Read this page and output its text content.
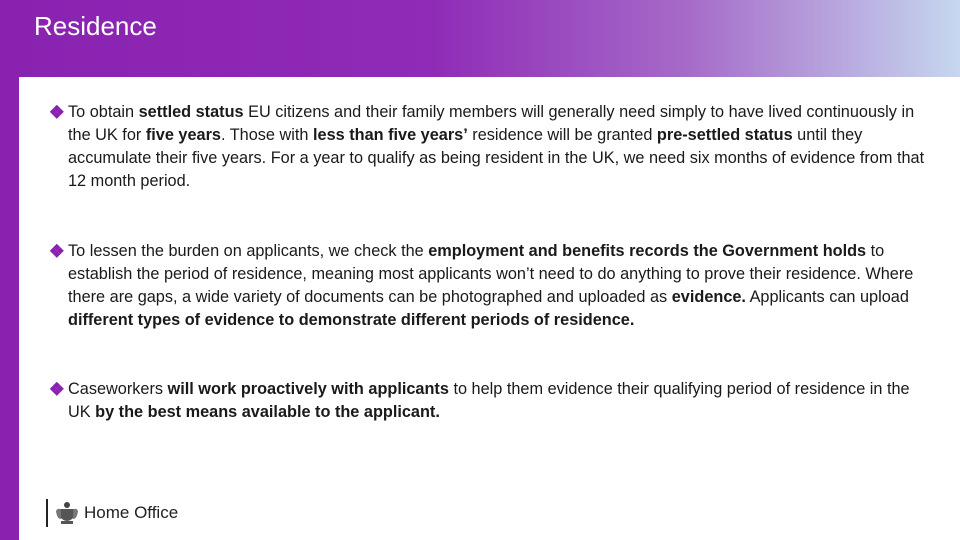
Residence
To obtain settled status EU citizens and their family members will generally need simply to have lived continuously in the UK for five years. Those with less than five years’ residence will be granted pre-settled status until they accumulate their five years. For a year to qualify as being resident in the UK, we need six months of evidence from that 12 month period.
To lessen the burden on applicants, we check the employment and benefits records the Government holds to establish the period of residence, meaning most applicants won’t need to do anything to prove their residence. Where there are gaps, a wide variety of documents can be photographed and uploaded as evidence. Applicants can upload different types of evidence to demonstrate different periods of residence.
Caseworkers will work proactively with applicants to help them evidence their qualifying period of residence in the UK by the best means available to the applicant.
Home Office
